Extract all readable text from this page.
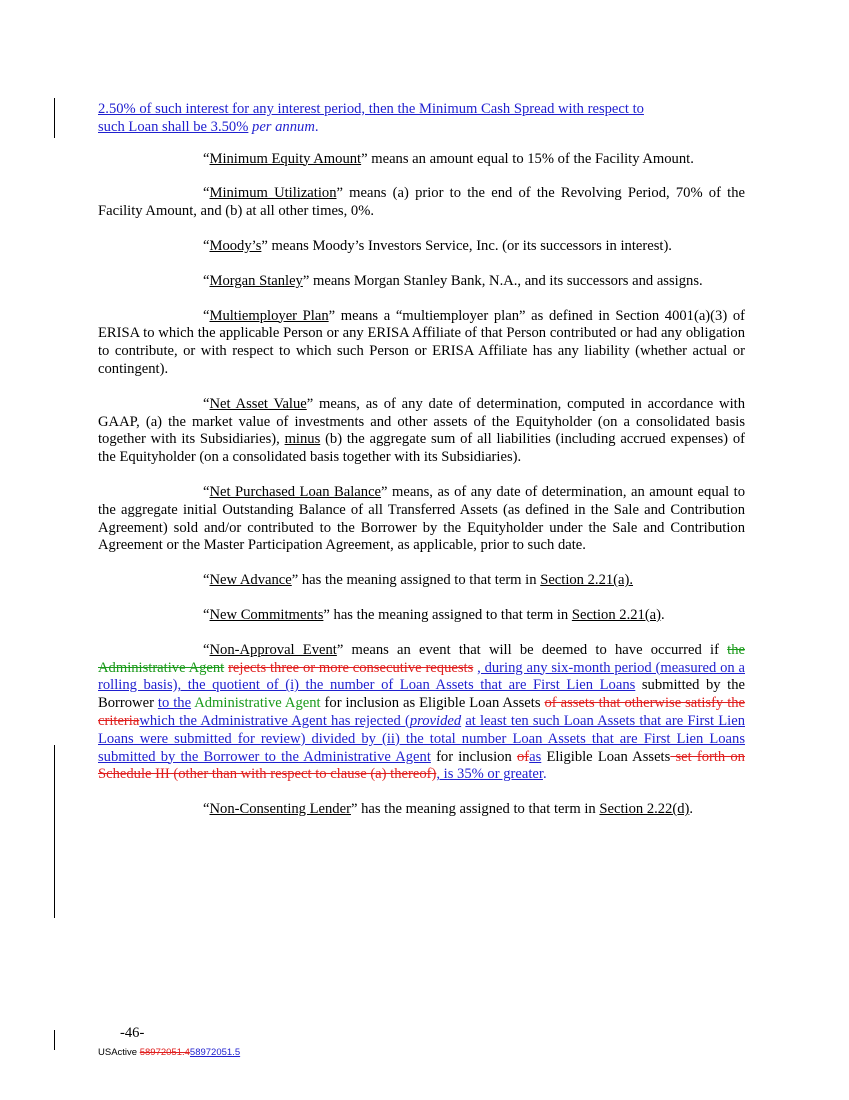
2.50% of such interest for any interest period, then the Minimum Cash Spread with respect to
such Loan shall be 3.50% per annum.

“Minimum Equity Amount” means an amount equal to 15% of the Facility Amount.

“Minimum Utilization” means (a) prior to the end of the Revolving Period, 70% of the Facility Amount, and (b) at all other times, 0%.

“Moody’s” means Moody’s Investors Service, Inc. (or its successors in interest).

“Morgan Stanley” means Morgan Stanley Bank, N.A., and its successors and assigns.

“Multiemployer Plan” means a “multiemployer plan” as defined in Section 4001(a)(3) of ERISA to which the applicable Person or any ERISA Affiliate of that Person contributed or had any obligation to contribute, or with respect to which such Person or ERISA Affiliate has any liability (whether actual or contingent).

“Net Asset Value” means, as of any date of determination, computed in accordance with GAAP, (a) the market value of investments and other assets of the Equityholder (on a consolidated basis together with its Subsidiaries), minus (b) the aggregate sum of all liabilities (including accrued expenses) of the Equityholder (on a consolidated basis together with its Subsidiaries).

“Net Purchased Loan Balance” means, as of any date of determination, an amount equal to the aggregate initial Outstanding Balance of all Transferred Assets (as defined in the Sale and Contribution Agreement) sold and/or contributed to the Borrower by the Equityholder under the Sale and Contribution Agreement or the Master Participation Agreement, as applicable, prior to such date.

“New Advance” has the meaning assigned to that term in Section 2.21(a).

“New Commitments” has the meaning assigned to that term in Section 2.21(a).

“Non-Approval Event” means an event that will be deemed to have occurred if the Administrative Agent rejects three or more consecutive requests , during any six-month period (measured on a rolling basis), the quotient of (i) the number of Loan Assets that are First Lien Loans submitted by the Borrower to the Administrative Agent for inclusion as Eligible Loan Assets of assets that otherwise satisfy the criteriawhich the Administrative Agent has rejected (provided at least ten such Loan Assets that are First Lien Loans were submitted for review) divided by (ii) the total number Loan Assets that are First Lien Loans submitted by the Borrower to the Administrative Agent for inclusion ofas Eligible Loan Assets set forth on Schedule III (other than with respect to clause (a) thereof), is 35% or greater.

“Non-Consenting Lender” has the meaning assigned to that term in Section 2.22(d).

-46-
USActive 58972051.458972051.5
